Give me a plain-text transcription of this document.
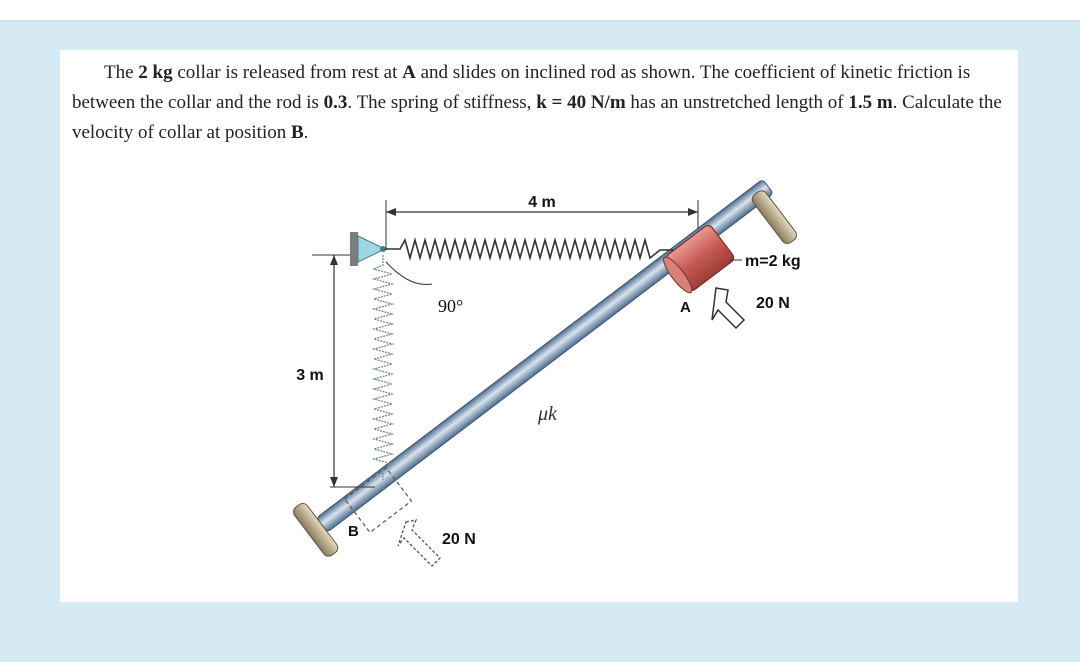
The 2 kg collar is released from rest at A and slides on inclined rod as shown. The coefficient of kinetic friction is between the collar and the rod is 0.3. The spring of stiffness, k = 40 N/m has an unstretched length of 1.5 m. Calculate the velocity of collar at position B.
4 m
3 m
90°	A
B
m=2 kg
20 N
20 N
μk
